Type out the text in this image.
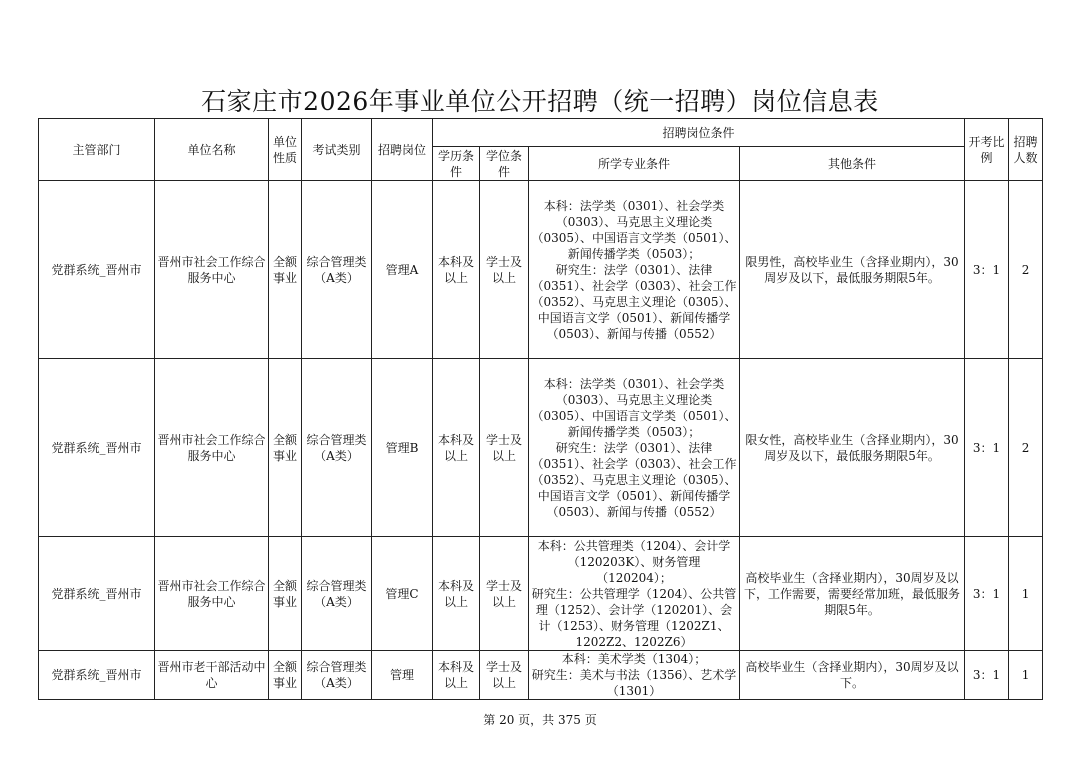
石家庄市2026年事业单位公开招聘（统一招聘）岗位信息表
主管部门	单位名称	单位性质	考试类别	招聘岗位	招聘岗位条件				开考比例	招聘人数
					学历条件	学位条件	所学专业条件	其他条件		
党群系统_晋州市	晋州市社会工作综合服务中心	全额事业	综合管理类（A类）	管理A	本科及以上	学士及以上	本科：法学类（0301）、社会学类（0303）、马克思主义理论类（0305）、中国语言文学类（0501）、新闻传播学类（0503）；
研究生：法学（0301）、法律（0351）、社会学（0303）、社会工作（0352）、马克思主义理论（0305）、中国语言文学（0501）、新闻传播学（0503）、新闻与传播（0552）	限男性，高校毕业生（含择业期内），30周岁及以下，最低服务期限5年。	3：1	2
党群系统_晋州市	晋州市社会工作综合服务中心	全额事业	综合管理类（A类）	管理B	本科及以上	学士及以上	本科：法学类（0301）、社会学类（0303）、马克思主义理论类（0305）、中国语言文学类（0501）、新闻传播学类（0503）；
研究生：法学（0301）、法律（0351）、社会学（0303）、社会工作（0352）、马克思主义理论（0305）、中国语言文学（0501）、新闻传播学（0503）、新闻与传播（0552）	限女性，高校毕业生（含择业期内），30周岁及以下，最低服务期限5年。	3：1	2
党群系统_晋州市	晋州市社会工作综合服务中心	全额事业	综合管理类（A类）	管理C	本科及以上	学士及以上	本科：公共管理类（1204）、会计学（120203K）、财务管理（120204）；
研究生：公共管理学（1204）、公共管理（1252）、会计学（120201）、会计（1253）、财务管理（1202Z1、1202Z2、1202Z6）	高校毕业生（含择业期内），30周岁及以下，工作需要，需要经常加班，最低服务期限5年。	3：1	1
党群系统_晋州市	晋州市老干部活动中心	全额事业	综合管理类（A类）	管理	本科及以上	学士及以上	本科：美术学类（1304）；
研究生：美术与书法（1356）、艺术学（1301）	高校毕业生（含择业期内），30周岁及以下。	3：1	1
第 20 页，共 375 页
